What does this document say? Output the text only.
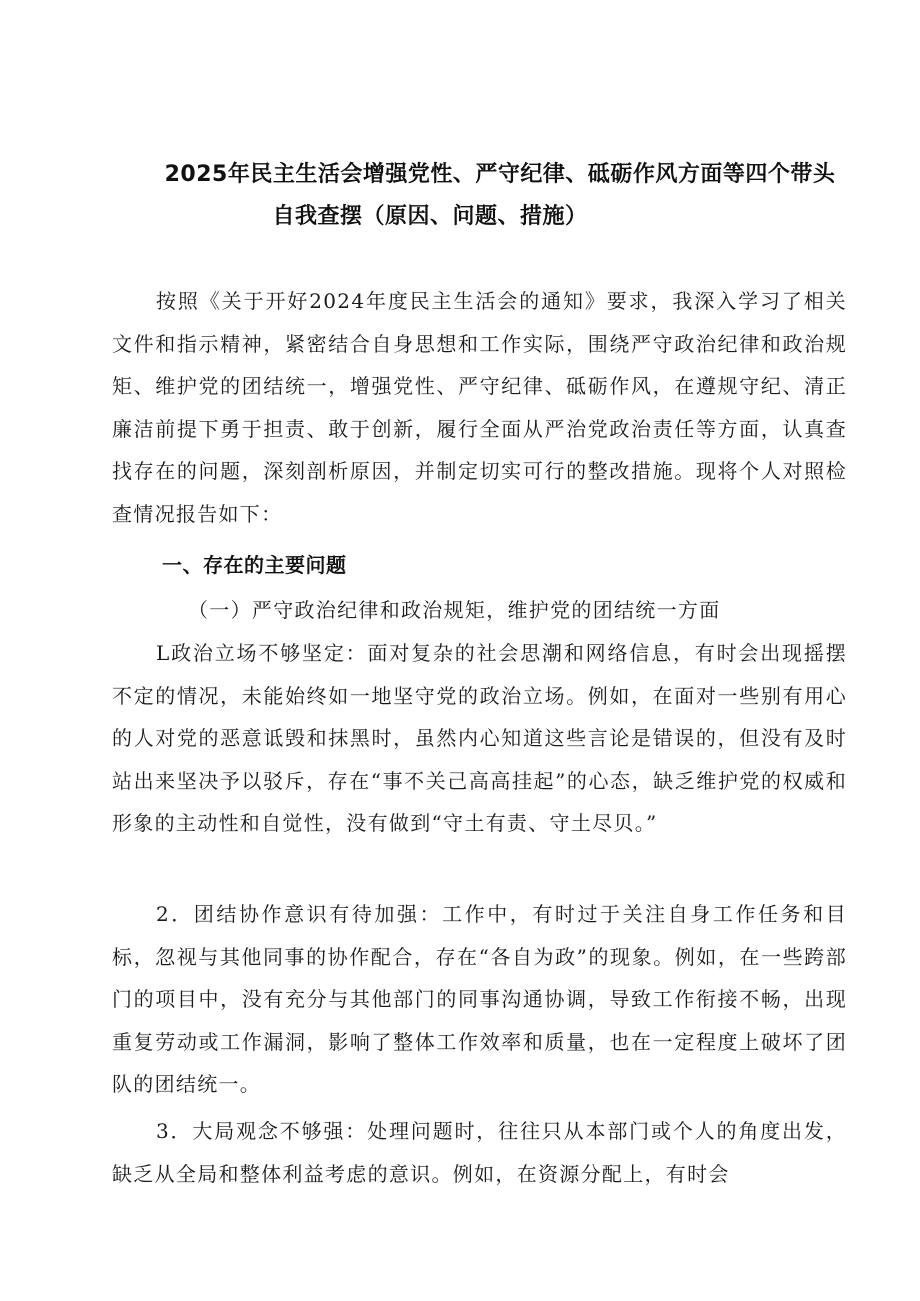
2025年民主生活会增强党性、严守纪律、砥砺作风方面等四个带头
自我查摆（原因、问题、措施）

按照《关于开好2024年度民主生活会的通知》要求，我深入学习了相关文件和指示精神，紧密结合自身思想和工作实际，围绕严守政治纪律和政治规矩、维护党的团结统一，增强党性、严守纪律、砥砺作风，在遵规守纪、清正廉洁前提下勇于担责、敢于创新，履行全面从严治党政治责任等方面，认真查找存在的问题，深刻剖析原因，并制定切实可行的整改措施。现将个人对照检查情况报告如下：

一、存在的主要问题
（一）严守政治纪律和政治规矩，维护党的团结统一方面

L政治立场不够坚定：面对复杂的社会思潮和网络信息，有时会出现摇摆不定的情况，未能始终如一地坚守党的政治立场。例如，在面对一些别有用心的人对党的恶意诋毁和抹黑时，虽然内心知道这些言论是错误的，但没有及时站出来坚决予以驳斥，存在“事不关己高高挂起”的心态，缺乏维护党的权威和形象的主动性和自觉性，没有做到“守土有责、守土尽贝。”

2．团结协作意识有待加强：工作中，有时过于关注自身工作任务和目标，忽视与其他同事的协作配合，存在“各自为政”的现象。例如，在一些跨部门的项目中，没有充分与其他部门的同事沟通协调，导致工作衔接不畅，出现重复劳动或工作漏洞，影响了整体工作效率和质量，也在一定程度上破坏了团队的团结统一。

3．大局观念不够强：处理问题时，往往只从本部门或个人的角度出发，缺乏从全局和整体利益考虑的意识。例如，在资源分配上，有时会
